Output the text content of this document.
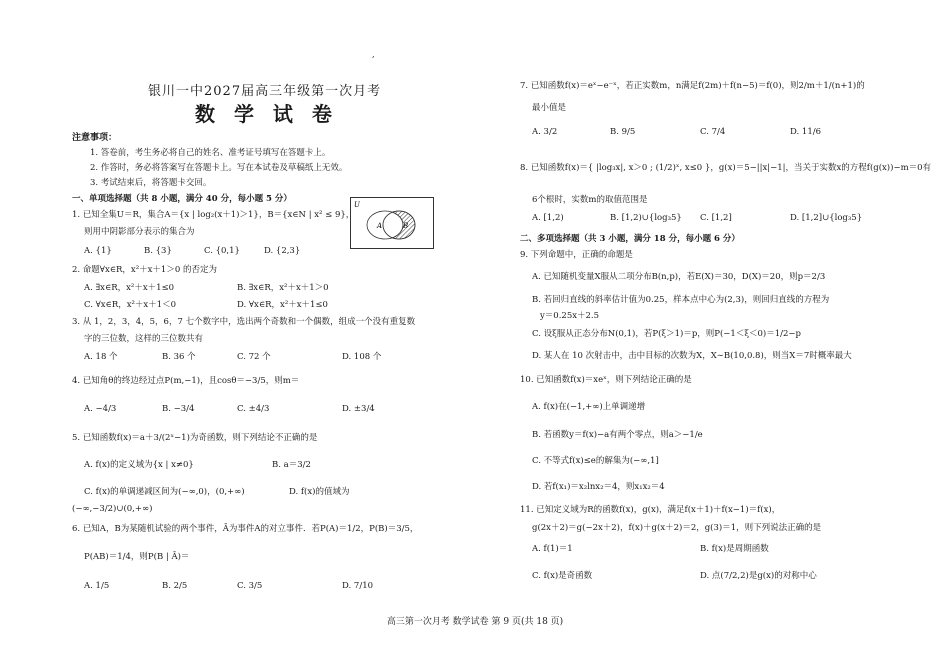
,
银川一中2027届高三年级第一次月考
数 学 试 卷
注意事项：
1. 答卷前，考生务必将自己的姓名、准考证号填写在答题卡上。
2. 作答时，务必将答案写在答题卡上。写在本试卷及草稿纸上无效。
3. 考试结束后，将答题卡交回。
一、单项选择题（共 8 小题，满分 40 分，每小题 5 分）
1. 已知全集U＝R，集合A＝{x | log₂(x＋1)＞1}，B＝{x∈N | x² ≤ 9}，
则用中阴影部分表示的集合为
A. {1}	B. {3}	C. {0,1}	D. {2,3}
U
A	B
2. 命题∀x∈R，x²＋x＋1＞0 的否定为
A. ∃x∈R，x²＋x＋1≤0	B. ∃x∈R，x²＋x＋1＞0
C. ∀x∈R，x²＋x＋1＜0	D. ∀x∈R，x²＋x＋1≤0
3. 从 1，2，3，4，5，6，7 七个数字中，选出两个奇数和一个偶数，组成一个没有重复数
字的三位数，这样的三位数共有
A. 18 个	B. 36 个	C. 72 个	D. 108 个
4. 已知角θ的终边经过点P(m,−1)，且cosθ＝−3/5，则m＝
A. −4/3	B. −3/4	C. ±4/3	D. ±3/4
5. 已知函数f(x)＝a＋3/(2ˣ−1)为奇函数，则下列结论不正确的是
A. f(x)的定义域为{x | x≠0}	B. a＝3/2
C. f(x)的单调递减区间为(−∞,0)，(0,+∞)	D. f(x)的值域为
(−∞,−3/2)∪(0,+∞)
6. 已知A，B为某随机试验的两个事件，Ā为事件A的对立事件．若P(A)＝1/2，P(B)＝3/5，
P(AB)＝1/4，则P(B | Ā)＝
A. 1/5	B. 2/5	C. 3/5	D. 7/10
7. 已知函数f(x)＝eˣ−e⁻ˣ，若正实数m，n满足f(2m)＋f(n−5)＝f(0)，则2/m＋1/(n+1)的
最小值是
A. 3/2	B. 9/5	C. 7/4	D. 11/6
8. 已知函数f(x)＝{ |log₃x|, x＞0 ; (1/2)ˣ, x≤0 }，g(x)＝5−||x|−1|，当关于实数x的方程f(g(x))−m＝0有
6个根时，实数m的取值范围是
A. [1,2)	B. [1,2)∪{log₃5} C. [1,2]	D. [1,2]∪{log₃5}
二、多项选择题（共 3 小题，满分 18 分，每小题 6 分）
9. 下列命题中，正确的命题是
A. 已知随机变量X服从二项分布B(n,p)，若E(X)＝30，D(X)＝20，则p＝2/3
B. 若回归直线的斜率估计值为0.25，样本点中心为(2,3)，则回归直线的方程为
y＝0.25x＋2.5
C. 设ξ服从正态分布N(0,1)，若P(ξ＞1)＝p，则P(−1＜ξ＜0)＝1/2−p
D. 某人在 10 次射击中，击中目标的次数为X，X∼B(10,0.8)，则当X＝7时概率最大
10. 已知函数f(x)＝xeˣ，则下列结论正确的是
A. f(x)在(−1,+∞)上单调递增
B. 若函数y＝f(x)−a有两个零点，则a＞−1/e
C. 不等式f(x)≤e的解集为(−∞,1]
D. 若f(x₁)＝x₂lnx₂＝4，则x₁x₂＝4
11. 已知定义域为R的函数f(x)，g(x)，满足f(x＋1)＋f(x−1)＝f(x)，
g(2x＋2)＝g(−2x＋2)，f(x)＋g(x＋2)＝2，g(3)＝1，则下列说法正确的是
A. f(1)＝1	B. f(x)是周期函数
C. f(x)是奇函数	D. 点(7/2,2)是g(x)的对称中心
高三第一次月考 数学试卷 第 9 页(共 18 页)
